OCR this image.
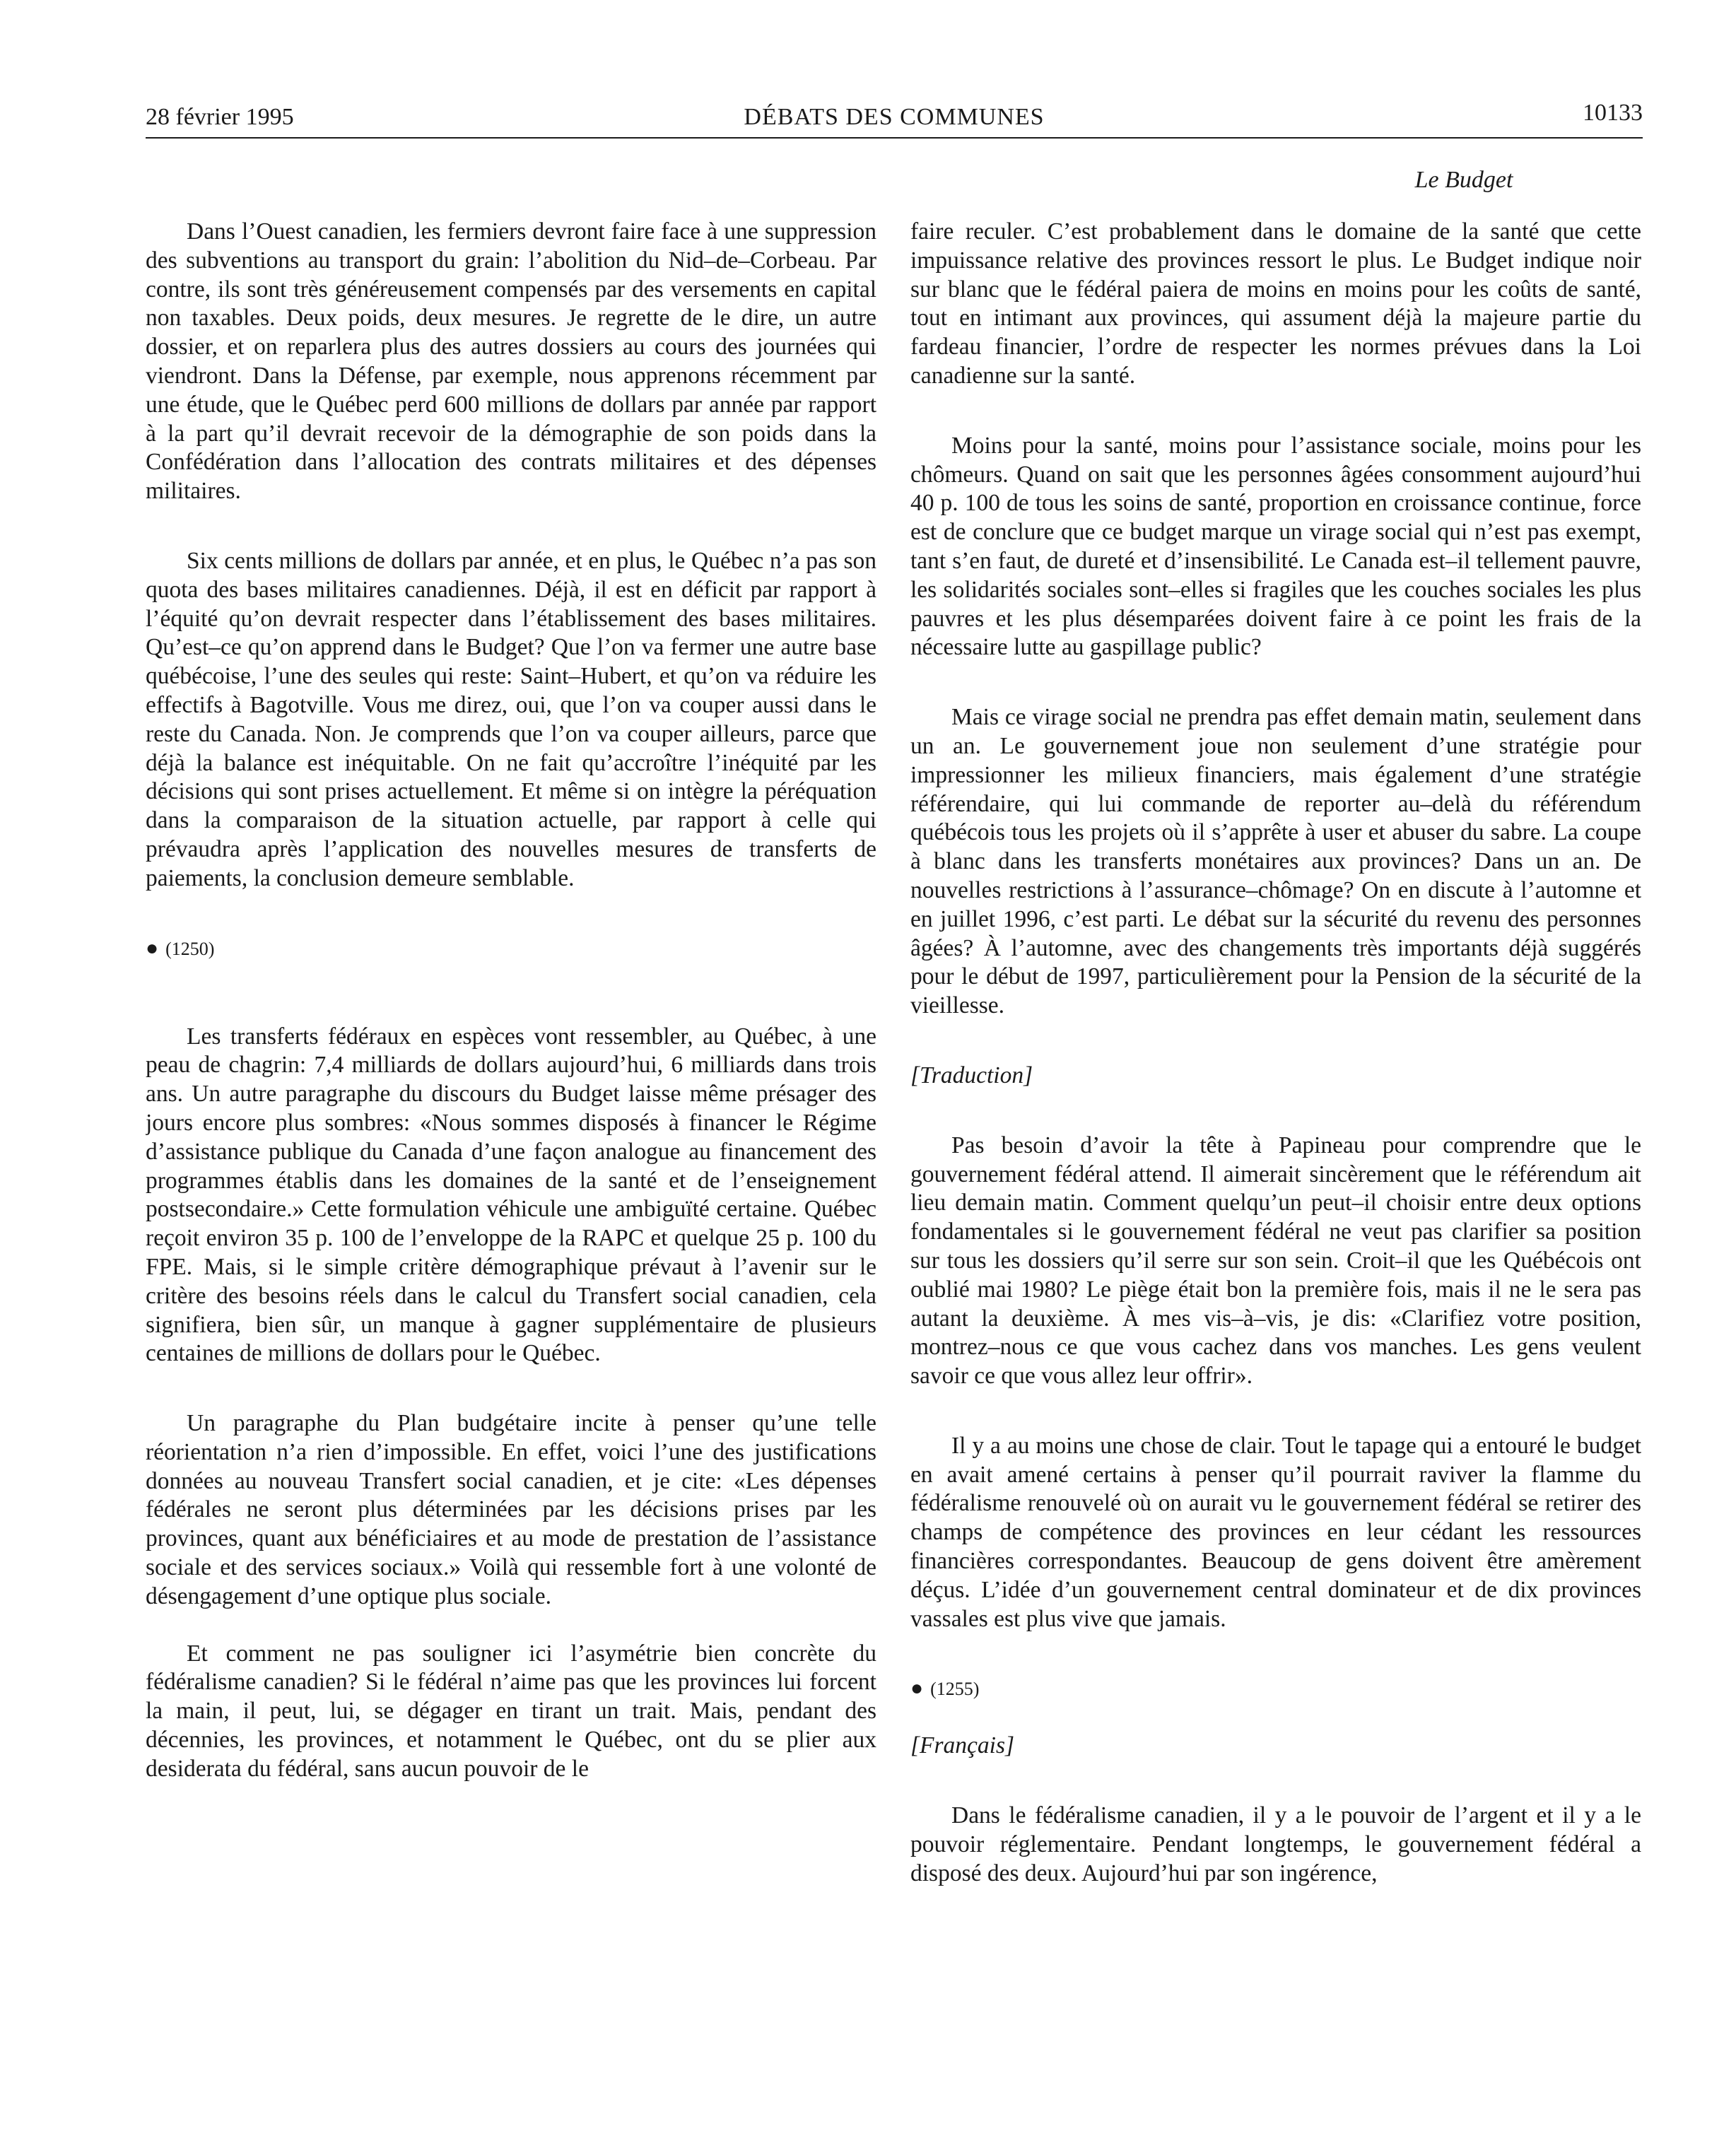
28 février 1995	DÉBATS DES COMMUNES	10133
Le Budget

Dans l’Ouest canadien, les fermiers devront faire face à une suppression des subventions au transport du grain: l’abolition du Nid–de–Corbeau. Par contre, ils sont très généreusement compensés par des versements en capital non taxables. Deux poids, deux mesures. Je regrette de le dire, un autre dossier, et on reparlera plus des autres dossiers au cours des journées qui viendront. Dans la Défense, par exemple, nous apprenons récemment par une étude, que le Québec perd 600 millions de dollars par année par rapport à la part qu’il devrait recevoir de la démographie de son poids dans la Confédération dans l’allocation des contrats militaires et des dépenses militaires.

Six cents millions de dollars par année, et en plus, le Québec n’a pas son quota des bases militaires canadiennes. Déjà, il est en déficit par rapport à l’équité qu’on devrait respecter dans l’établissement des bases militaires. Qu’est–ce qu’on apprend dans le Budget? Que l’on va fermer une autre base québécoise, l’une des seules qui reste: Saint–Hubert, et qu’on va réduire les effectifs à Bagotville. Vous me direz, oui, que l’on va couper aussi dans le reste du Canada. Non. Je comprends que l’on va couper ailleurs, parce que déjà la balance est inéquitable. On ne fait qu’accroître l’inéquité par les décisions qui sont prises actuellement. Et même si on intègre la péréquation dans la comparaison de la situation actuelle, par rapport à celle qui prévaudra après l’application des nouvelles mesures de transferts de paiements, la conclusion demeure semblable.

● (1250)

Les transferts fédéraux en espèces vont ressembler, au Québec, à une peau de chagrin: 7,4 milliards de dollars aujourd’hui, 6 milliards dans trois ans. Un autre paragraphe du discours du Budget laisse même présager des jours encore plus sombres: «Nous sommes disposés à financer le Régime d’assistance publique du Canada d’une façon analogue au financement des programmes établis dans les domaines de la santé et de l’enseignement postsecondaire.» Cette formulation véhicule une ambiguïté certaine. Québec reçoit environ 35 p. 100 de l’enveloppe de la RAPC et quelque 25 p. 100 du FPE. Mais, si le simple critère démographique prévaut à l’avenir sur le critère des besoins réels dans le calcul du Transfert social canadien, cela signifiera, bien sûr, un manque à gagner supplémentaire de plusieurs centaines de millions de dollars pour le Québec.

Un paragraphe du Plan budgétaire incite à penser qu’une telle réorientation n’a rien d’impossible. En effet, voici l’une des justifications données au nouveau Transfert social canadien, et je cite: «Les dépenses fédérales ne seront plus déterminées par les décisions prises par les provinces, quant aux bénéficiaires et au mode de prestation de l’assistance sociale et des services sociaux.» Voilà qui ressemble fort à une volonté de désengagement d’une optique plus sociale.

Et comment ne pas souligner ici l’asymétrie bien concrète du fédéralisme canadien? Si le fédéral n’aime pas que les provinces lui forcent la main, il peut, lui, se dégager en tirant un trait. Mais, pendant des décennies, les provinces, et notamment le Québec, ont du se plier aux desiderata du fédéral, sans aucun pouvoir de le

faire reculer. C’est probablement dans le domaine de la santé que cette impuissance relative des provinces ressort le plus. Le Budget indique noir sur blanc que le fédéral paiera de moins en moins pour les coûts de santé, tout en intimant aux provinces, qui assument déjà la majeure partie du fardeau financier, l’ordre de respecter les normes prévues dans la Loi canadienne sur la santé.

Moins pour la santé, moins pour l’assistance sociale, moins pour les chômeurs. Quand on sait que les personnes âgées consomment aujourd’hui 40 p. 100 de tous les soins de santé, proportion en croissance continue, force est de conclure que ce budget marque un virage social qui n’est pas exempt, tant s’en faut, de dureté et d’insensibilité. Le Canada est–il tellement pauvre, les solidarités sociales sont–elles si fragiles que les couches sociales les plus pauvres et les plus désemparées doivent faire à ce point les frais de la nécessaire lutte au gaspillage public?

Mais ce virage social ne prendra pas effet demain matin, seulement dans un an. Le gouvernement joue non seulement d’une stratégie pour impressionner les milieux financiers, mais également d’une stratégie référendaire, qui lui commande de reporter au–delà du référendum québécois tous les projets où il s’apprête à user et abuser du sabre. La coupe à blanc dans les transferts monétaires aux provinces? Dans un an. De nouvelles restrictions à l’assurance–chômage? On en discute à l’automne et en juillet 1996, c’est parti. Le débat sur la sécurité du revenu des personnes âgées? À l’automne, avec des changements très importants déjà suggérés pour le début de 1997, particulièrement pour la Pension de la sécurité de la vieillesse.

[Traduction]

Pas besoin d’avoir la tête à Papineau pour comprendre que le gouvernement fédéral attend. Il aimerait sincèrement que le référendum ait lieu demain matin. Comment quelqu’un peut–il choisir entre deux options fondamentales si le gouvernement fédéral ne veut pas clarifier sa position sur tous les dossiers qu’il serre sur son sein. Croit–il que les Québécois ont oublié mai 1980? Le piège était bon la première fois, mais il ne le sera pas autant la deuxième. À mes vis–à–vis, je dis: «Clarifiez votre position, montrez–nous ce que vous cachez dans vos manches. Les gens veulent savoir ce que vous allez leur offrir».

Il y a au moins une chose de clair. Tout le tapage qui a entouré le budget en avait amené certains à penser qu’il pourrait raviver la flamme du fédéralisme renouvelé où on aurait vu le gouvernement fédéral se retirer des champs de compétence des provinces en leur cédant les ressources financières correspondantes. Beaucoup de gens doivent être amèrement déçus. L’idée d’un gouvernement central dominateur et de dix provinces vassales est plus vive que jamais.

● (1255)
[Français]

Dans le fédéralisme canadien, il y a le pouvoir de l’argent et il y a le pouvoir réglementaire. Pendant longtemps, le gouvernement fédéral a disposé des deux. Aujourd’hui par son ingérence,
